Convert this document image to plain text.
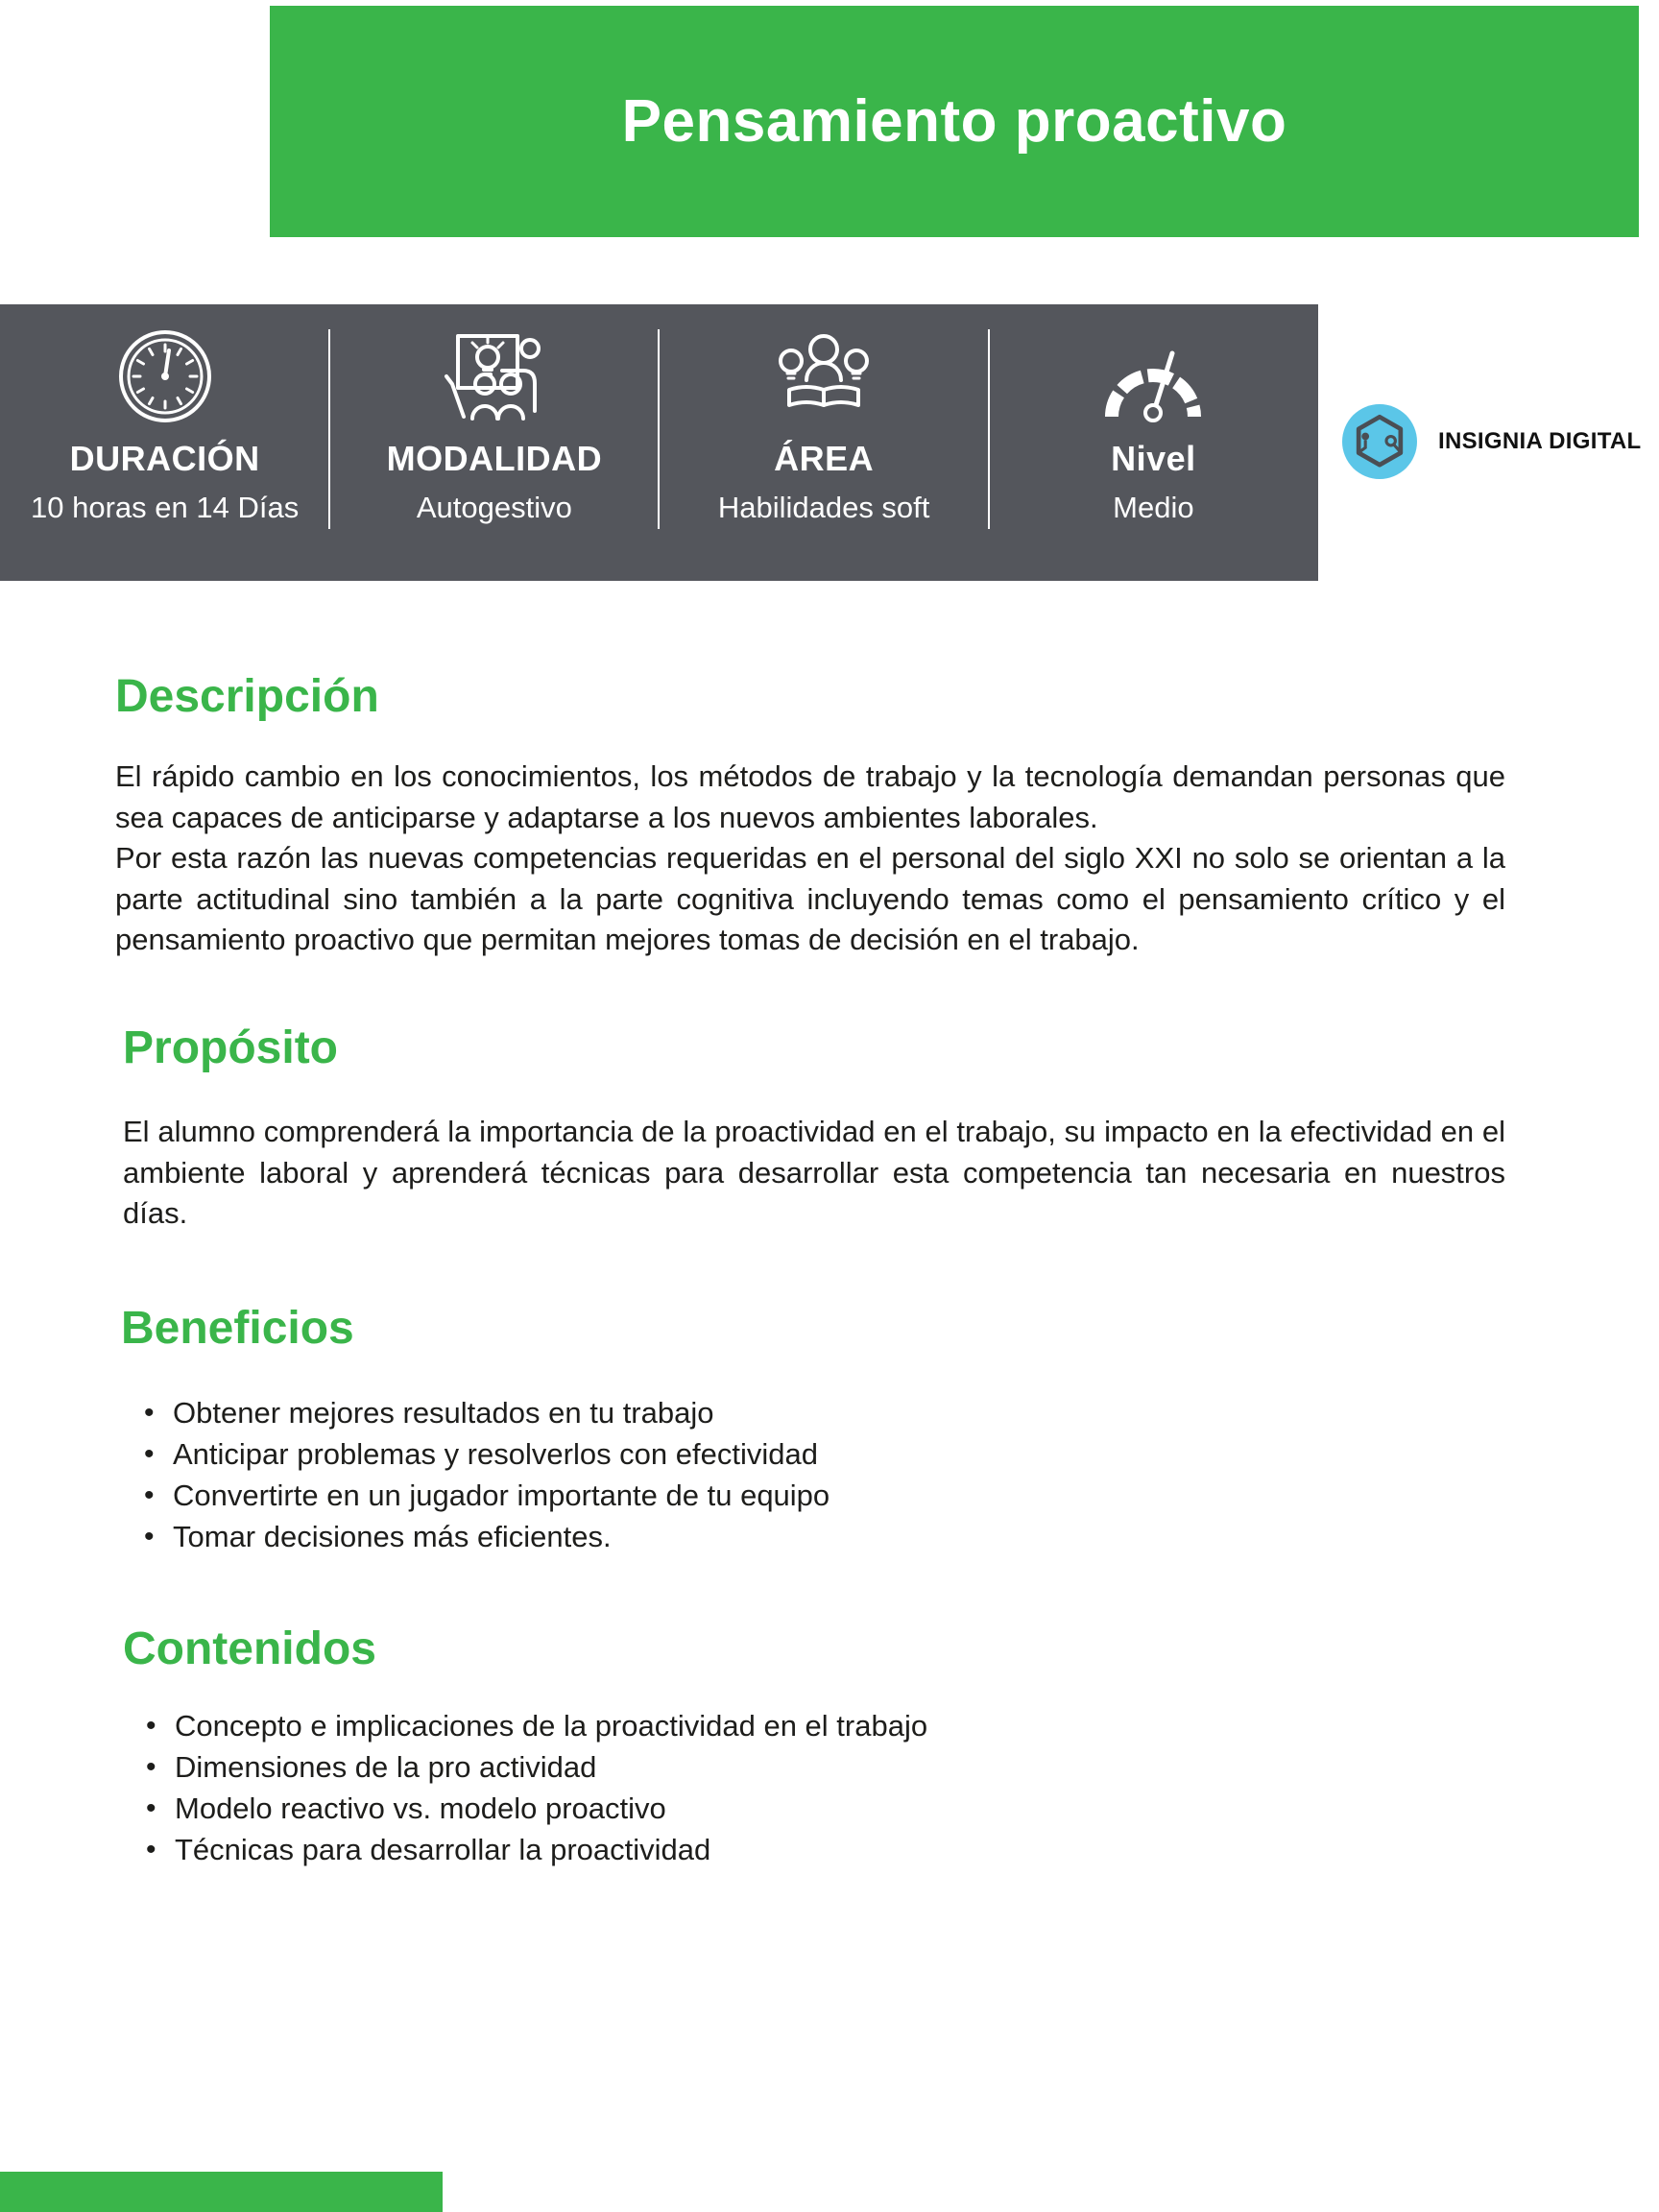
Pensamiento proactivo
DURACIÓN
10 horas en 14 Días
MODALIDAD
Autogestivo
ÁREA
Habilidades soft
Nivel
Medio
INSIGNIA DIGITAL
Descripción
El rápido cambio en los conocimientos, los métodos de trabajo y la tecnología demandan personas que sea capaces de anticiparse y adaptarse a los nuevos ambientes laborales.
Por esta razón las nuevas competencias requeridas en el personal del siglo XXI no solo se orientan a la parte actitudinal sino también a la parte cognitiva incluyendo temas como el pensamiento crítico y el pensamiento proactivo que permitan mejores tomas de decisión en el trabajo.
Propósito
El alumno comprenderá la importancia de la proactividad en el trabajo, su impacto en la efectividad en el ambiente laboral y aprenderá técnicas para desarrollar esta competencia tan necesaria en nuestros días.
Beneficios
• Obtener mejores resultados en tu trabajo
• Anticipar problemas y resolverlos con efectividad
• Convertirte en un jugador importante de tu equipo
• Tomar decisiones más eficientes.
Contenidos
• Concepto e implicaciones de la proactividad en el trabajo
• Dimensiones de la pro actividad
• Modelo reactivo vs. modelo proactivo
• Técnicas para desarrollar la proactividad
